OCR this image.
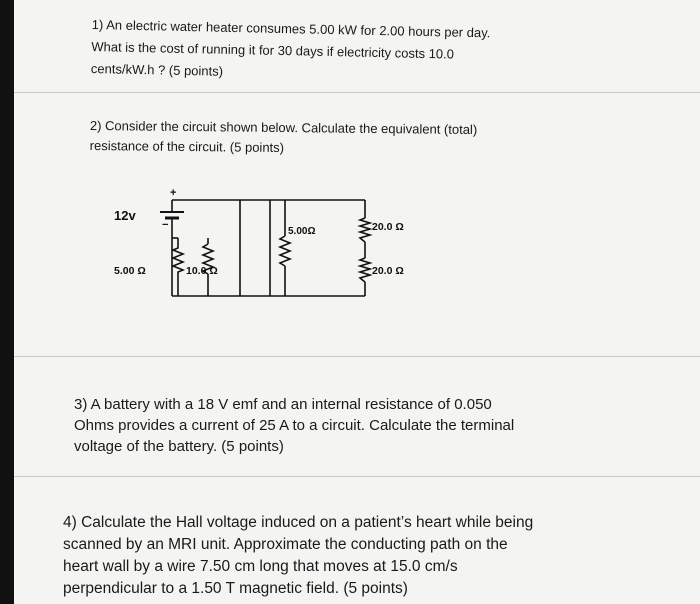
1) An electric water heater consumes 5.00 kW for 2.00 hours per day.
What is the cost of running it for 30 days if electricity costs 10.0
cents/kW.h ? (5 points)
2) Consider the circuit shown below. Calculate the equivalent (total)
resistance of the circuit. (5 points)
12v
+
−
5.00 Ω	10.0 Ω
5.00Ω	20.0 Ω
20.0 Ω
3) A battery with a 18 V emf and an internal resistance of 0.050
Ohms provides a current of 25 A to a circuit. Calculate the terminal
voltage of the battery. (5 points)
4) Calculate the Hall voltage induced on a patient’s heart while being
scanned by an MRI unit. Approximate the conducting path on the
heart wall by a wire 7.50 cm long that moves at 15.0 cm/s
perpendicular to a 1.50 T magnetic field. (5 points)
